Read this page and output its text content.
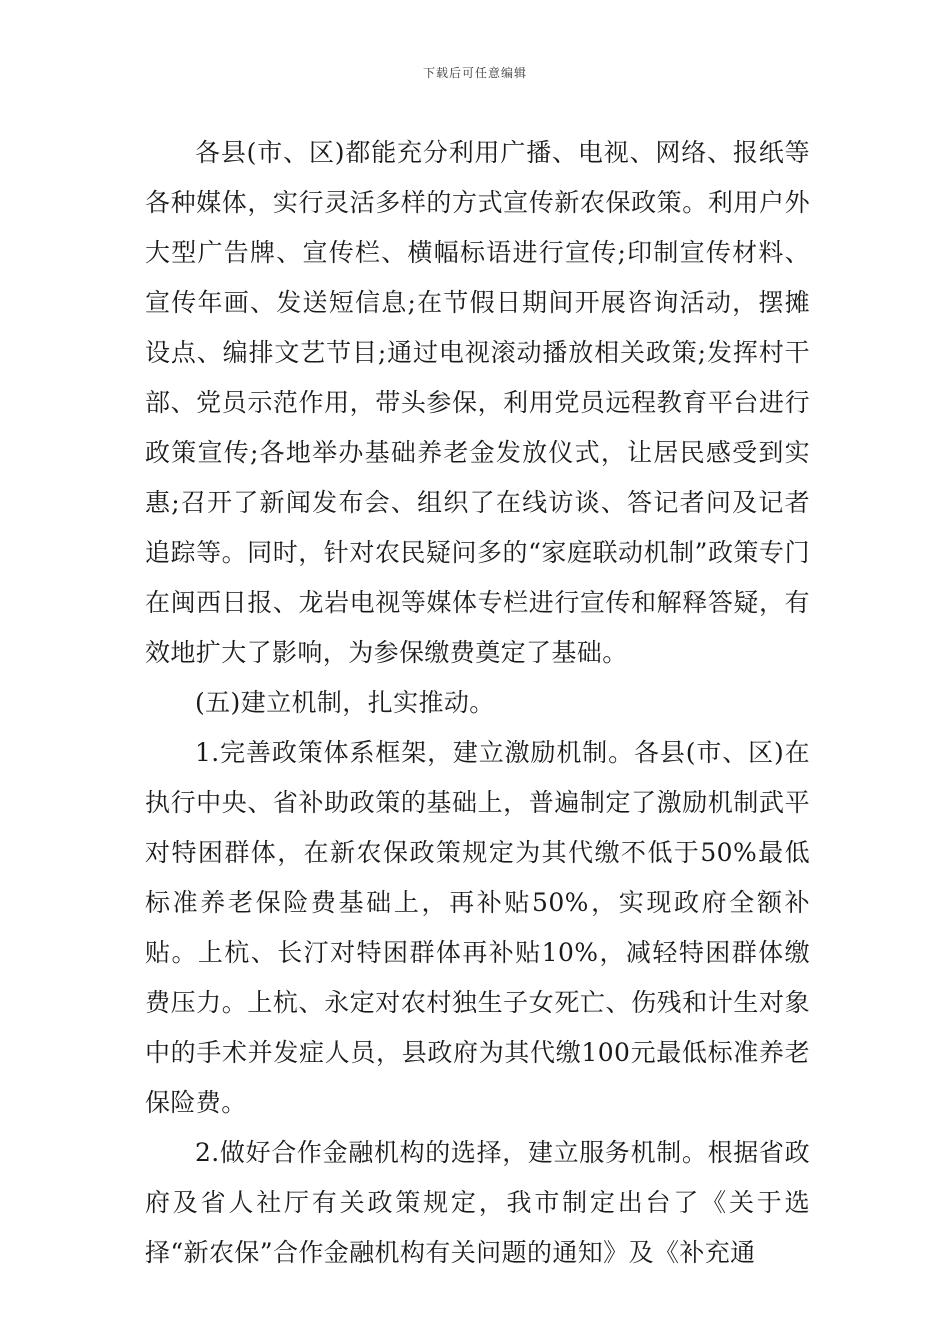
下载后可任意编辑

各县(市、区)都能充分利用广播、电视、网络、报纸等各种媒体，实行灵活多样的方式宣传新农保政策。利用户外大型广告牌、宣传栏、横幅标语进行宣传;印制宣传材料、宣传年画、发送短信息;在节假日期间开展咨询活动，摆摊设点、编排文艺节目;通过电视滚动播放相关政策;发挥村干部、党员示范作用，带头参保，利用党员远程教育平台进行政策宣传;各地举办基础养老金发放仪式，让居民感受到实惠;召开了新闻发布会、组织了在线访谈、答记者问及记者追踪等。同时，针对农民疑问多的“家庭联动机制”政策专门在闽西日报、龙岩电视等媒体专栏进行宣传和解释答疑，有效地扩大了影响，为参保缴费奠定了基础。

(五)建立机制，扎实推动。

1.完善政策体系框架，建立激励机制。各县(市、区)在执行中央、省补助政策的基础上，普遍制定了激励机制武平对特困群体，在新农保政策规定为其代缴不低于50%最低标准养老保险费基础上，再补贴50%，实现政府全额补贴。上杭、长汀对特困群体再补贴10%，减轻特困群体缴费压力。上杭、永定对农村独生子女死亡、伤残和计生对象中的手术并发症人员，县政府为其代缴100元最低标准养老保险费。

2.做好合作金融机构的选择，建立服务机制。根据省政府及省人社厅有关政策规定，我市制定出台了《关于选择“新农保”合作金融机构有关问题的通知》及《补充通
